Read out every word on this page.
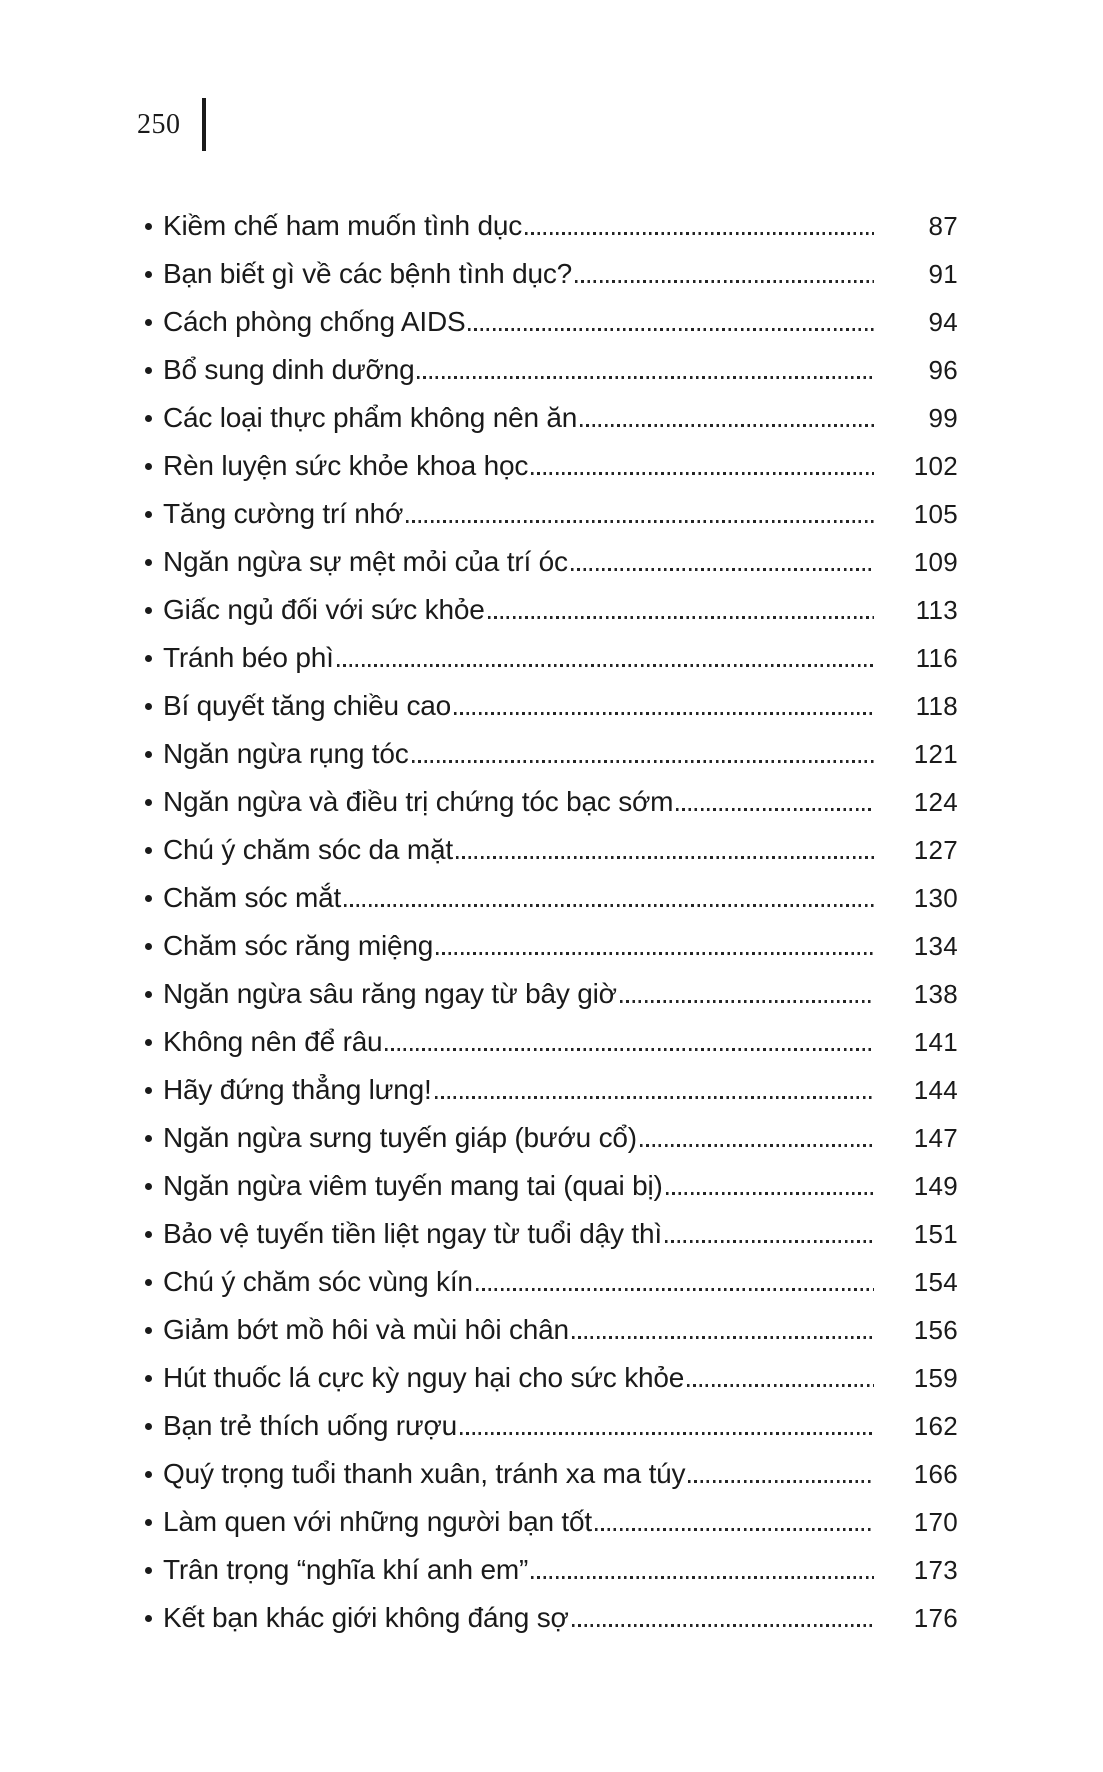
250
Kiềm chế ham muốn tình dục	87
Bạn biết gì về các bệnh tình dục?	91
Cách phòng chống AIDS	94
Bổ sung dinh dưỡng	96
Các loại thực phẩm không nên ăn	99
Rèn luyện sức khỏe khoa học	102
Tăng cường trí nhớ	105
Ngăn ngừa sự mệt mỏi của trí óc	109
Giấc ngủ đối với sức khỏe	113
Tránh béo phì	116
Bí quyết tăng chiều cao	118
Ngăn ngừa rụng tóc	121
Ngăn ngừa và điều trị chứng tóc bạc sớm	124
Chú ý chăm sóc da mặt	127
Chăm sóc mắt	130
Chăm sóc răng miệng	134
Ngăn ngừa sâu răng ngay từ bây giờ	138
Không nên để râu	141
Hãy đứng thẳng lưng!	144
Ngăn ngừa sưng tuyến giáp (bướu cổ)	147
Ngăn ngừa viêm tuyến mang tai (quai bị)	149
Bảo vệ tuyến tiền liệt ngay từ tuổi dậy thì	151
Chú ý chăm sóc vùng kín	154
Giảm bớt mồ hôi và mùi hôi chân	156
Hút thuốc lá cực kỳ nguy hại cho sức khỏe	159
Bạn trẻ thích uống rượu	162
Quý trọng tuổi thanh xuân, tránh xa ma túy	166
Làm quen với những người bạn tốt	170
Trân trọng “nghĩa khí anh em”	173
Kết bạn khác giới không đáng sợ	176
